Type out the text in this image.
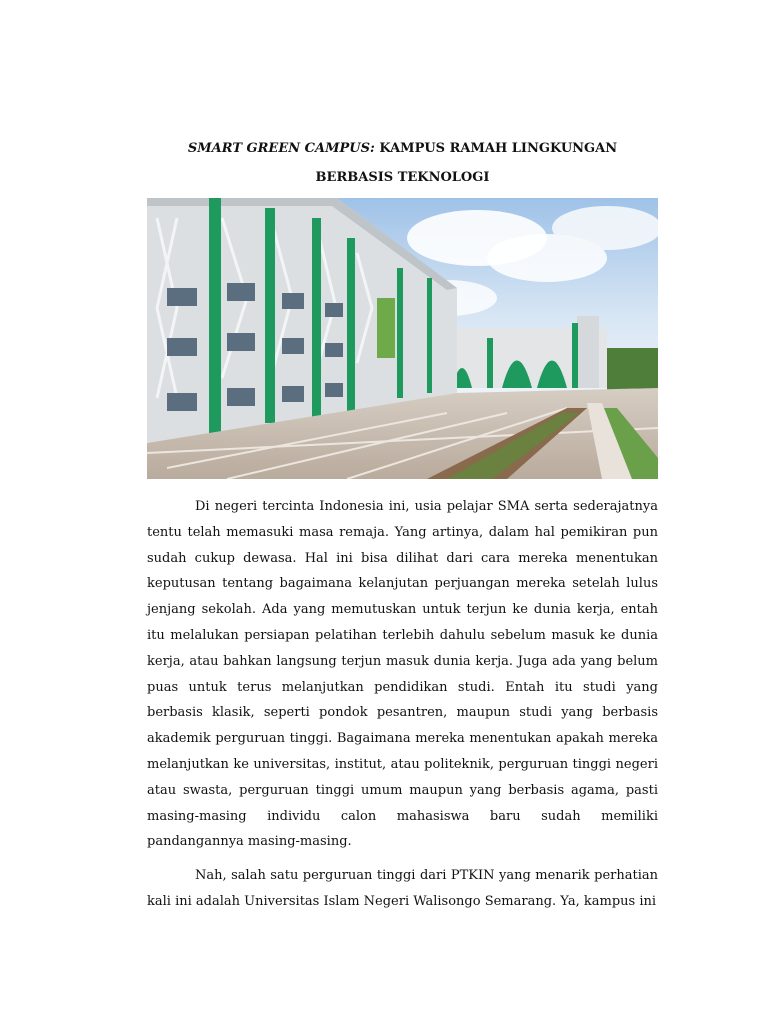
SMART GREEN CAMPUS: KAMPUS RAMAH LINGKUNGAN BERBASIS TEKNOLOGI

Di negeri tercinta Indonesia ini, usia pelajar SMA serta sederajatnya tentu telah memasuki masa remaja. Yang artinya, dalam hal pemikiran pun sudah cukup dewasa. Hal ini bisa dilihat dari cara mereka menentukan keputusan tentang bagaimana kelanjutan perjuangan mereka setelah lulus jenjang sekolah. Ada yang memutuskan untuk terjun ke dunia kerja, entah itu melalukan persiapan pelatihan terlebih dahulu sebelum masuk ke dunia kerja, atau bahkan langsung terjun masuk dunia kerja. Juga ada yang belum puas untuk terus melanjutkan pendidikan studi. Entah itu studi yang berbasis klasik, seperti pondok pesantren, maupun studi yang berbasis akademik perguruan tinggi. Bagaimana mereka menentukan apakah mereka melanjutkan ke universitas, institut, atau politeknik, perguruan tinggi negeri atau swasta, perguruan tinggi umum maupun yang berbasis agama, pasti masing-masing individu calon mahasiswa baru sudah memiliki pandangannya masing-masing.

Nah, salah satu perguruan tinggi dari PTKIN yang menarik perhatian kali ini adalah Universitas Islam Negeri Walisongo Semarang. Ya, kampus ini
